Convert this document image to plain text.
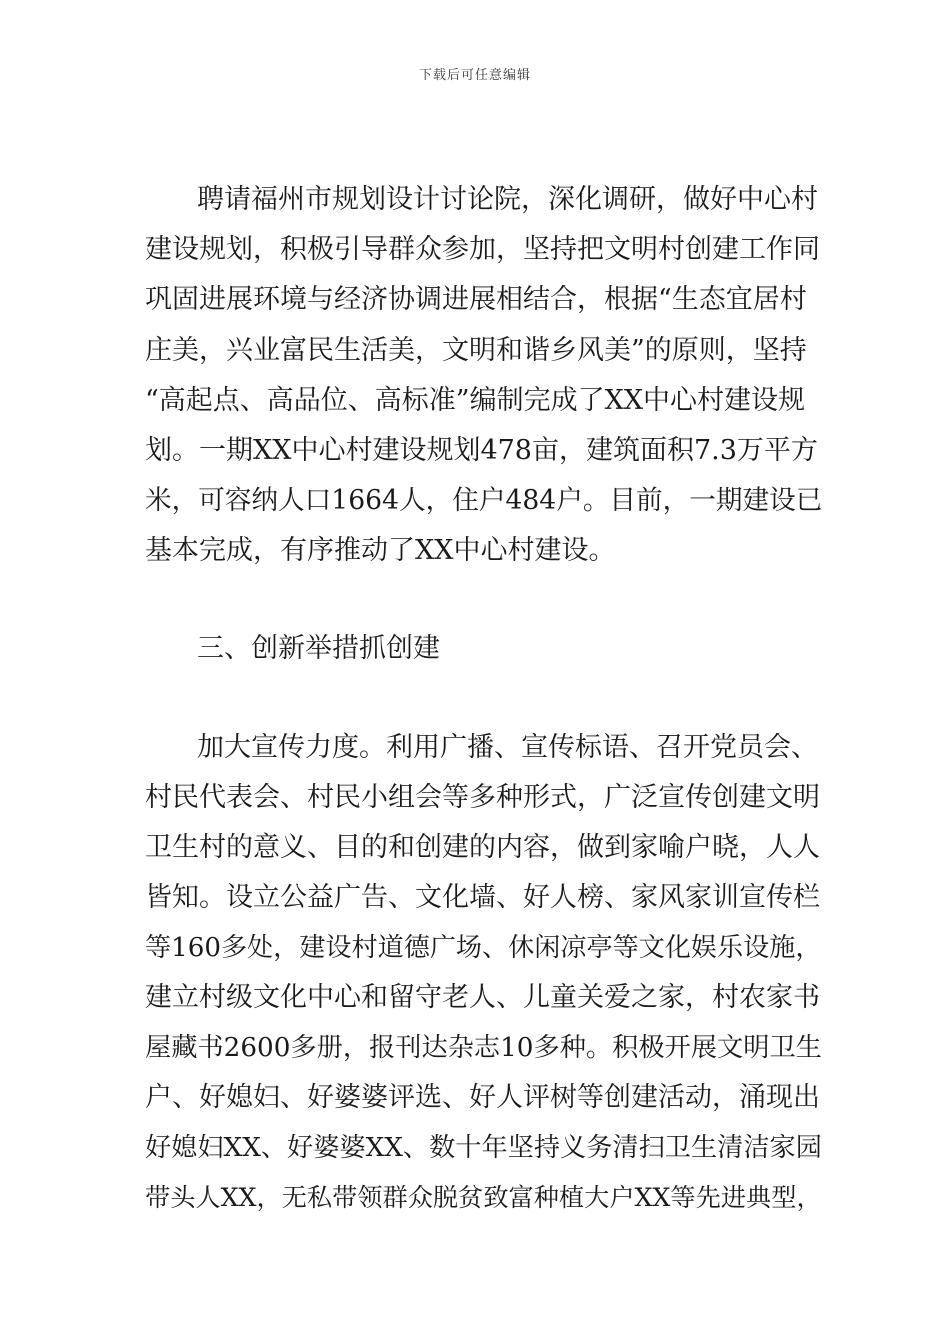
下载后可任意编辑
聘请福州市规划设计讨论院，深化调研，做好中心村
建设规划，积极引导群众参加，坚持把文明村创建工作同
巩固进展环境与经济协调进展相结合，根据“生态宜居村
庄美，兴业富民生活美，文明和谐乡风美”的原则，坚持
“高起点、高品位、高标准”编制完成了XX中心村建设规
划。一期XX中心村建设规划478亩，建筑面积7.3万平方
米，可容纳人口1664人，住户484户。目前，一期建设已
基本完成，有序推动了XX中心村建设。
三、创新举措抓创建
加大宣传力度。利用广播、宣传标语、召开党员会、
村民代表会、村民小组会等多种形式，广泛宣传创建文明
卫生村的意义、目的和创建的内容，做到家喻户晓，人人
皆知。设立公益广告、文化墙、好人榜、家风家训宣传栏
等160多处，建设村道德广场、休闲凉亭等文化娱乐设施，
建立村级文化中心和留守老人、儿童关爱之家，村农家书
屋藏书2600多册，报刊达杂志10多种。积极开展文明卫生
户、好媳妇、好婆婆评选、好人评树等创建活动，涌现出
好媳妇XX、好婆婆XX、数十年坚持义务清扫卫生清洁家园
带头人XX，无私带领群众脱贫致富种植大户XX等先进典型，
